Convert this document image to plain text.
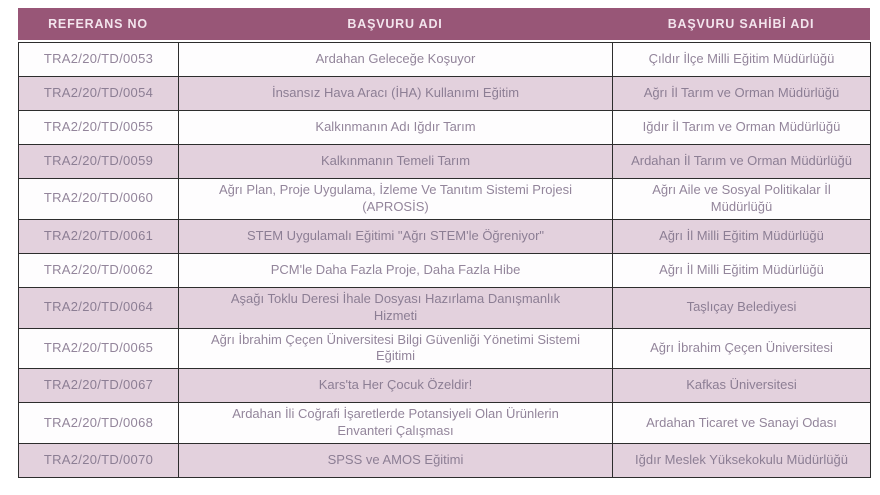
REFERANS NO	BAŞVURU ADI	BAŞVURU SAHİBİ ADI
TRA2/20/TD/0053	Ardahan Geleceğe Koşuyor	Çıldır İlçe Milli Eğitim Müdürlüğü
TRA2/20/TD/0054	İnsansız Hava Aracı (İHA) Kullanımı Eğitim	Ağrı İl Tarım ve Orman Müdürlüğü
TRA2/20/TD/0055	Kalkınmanın Adı Iğdır Tarım	Iğdır İl Tarım ve Orman Müdürlüğü
TRA2/20/TD/0059	Kalkınmanın Temeli Tarım	Ardahan İl Tarım ve Orman Müdürlüğü
TRA2/20/TD/0060	Ağrı Plan, Proje Uygulama, İzleme Ve Tanıtım Sistemi Projesi (APROSİS)	Ağrı Aile ve Sosyal Politikalar İl Müdürlüğü
TRA2/20/TD/0061	STEM Uygulamalı Eğitimi "Ağrı STEM'le Öğreniyor"	Ağrı İl Milli Eğitim Müdürlüğü
TRA2/20/TD/0062	PCM'le Daha Fazla Proje, Daha Fazla Hibe	Ağrı İl Milli Eğitim Müdürlüğü
TRA2/20/TD/0064	Aşağı Toklu Deresi İhale Dosyası Hazırlama Danışmanlık Hizmeti	Taşlıçay Belediyesi
TRA2/20/TD/0065	Ağrı İbrahim Çeçen Üniversitesi Bilgi Güvenliği Yönetimi Sistemi Eğitimi	Ağrı İbrahim Çeçen Üniversitesi
TRA2/20/TD/0067	Kars'ta Her Çocuk Özeldir!	Kafkas Üniversitesi
TRA2/20/TD/0068	Ardahan İli Coğrafi İşaretlerde Potansiyeli Olan Ürünlerin Envanteri Çalışması	Ardahan Ticaret ve Sanayi Odası
TRA2/20/TD/0070	SPSS ve AMOS Eğitimi	Iğdır Meslek Yüksekokulu Müdürlüğü
